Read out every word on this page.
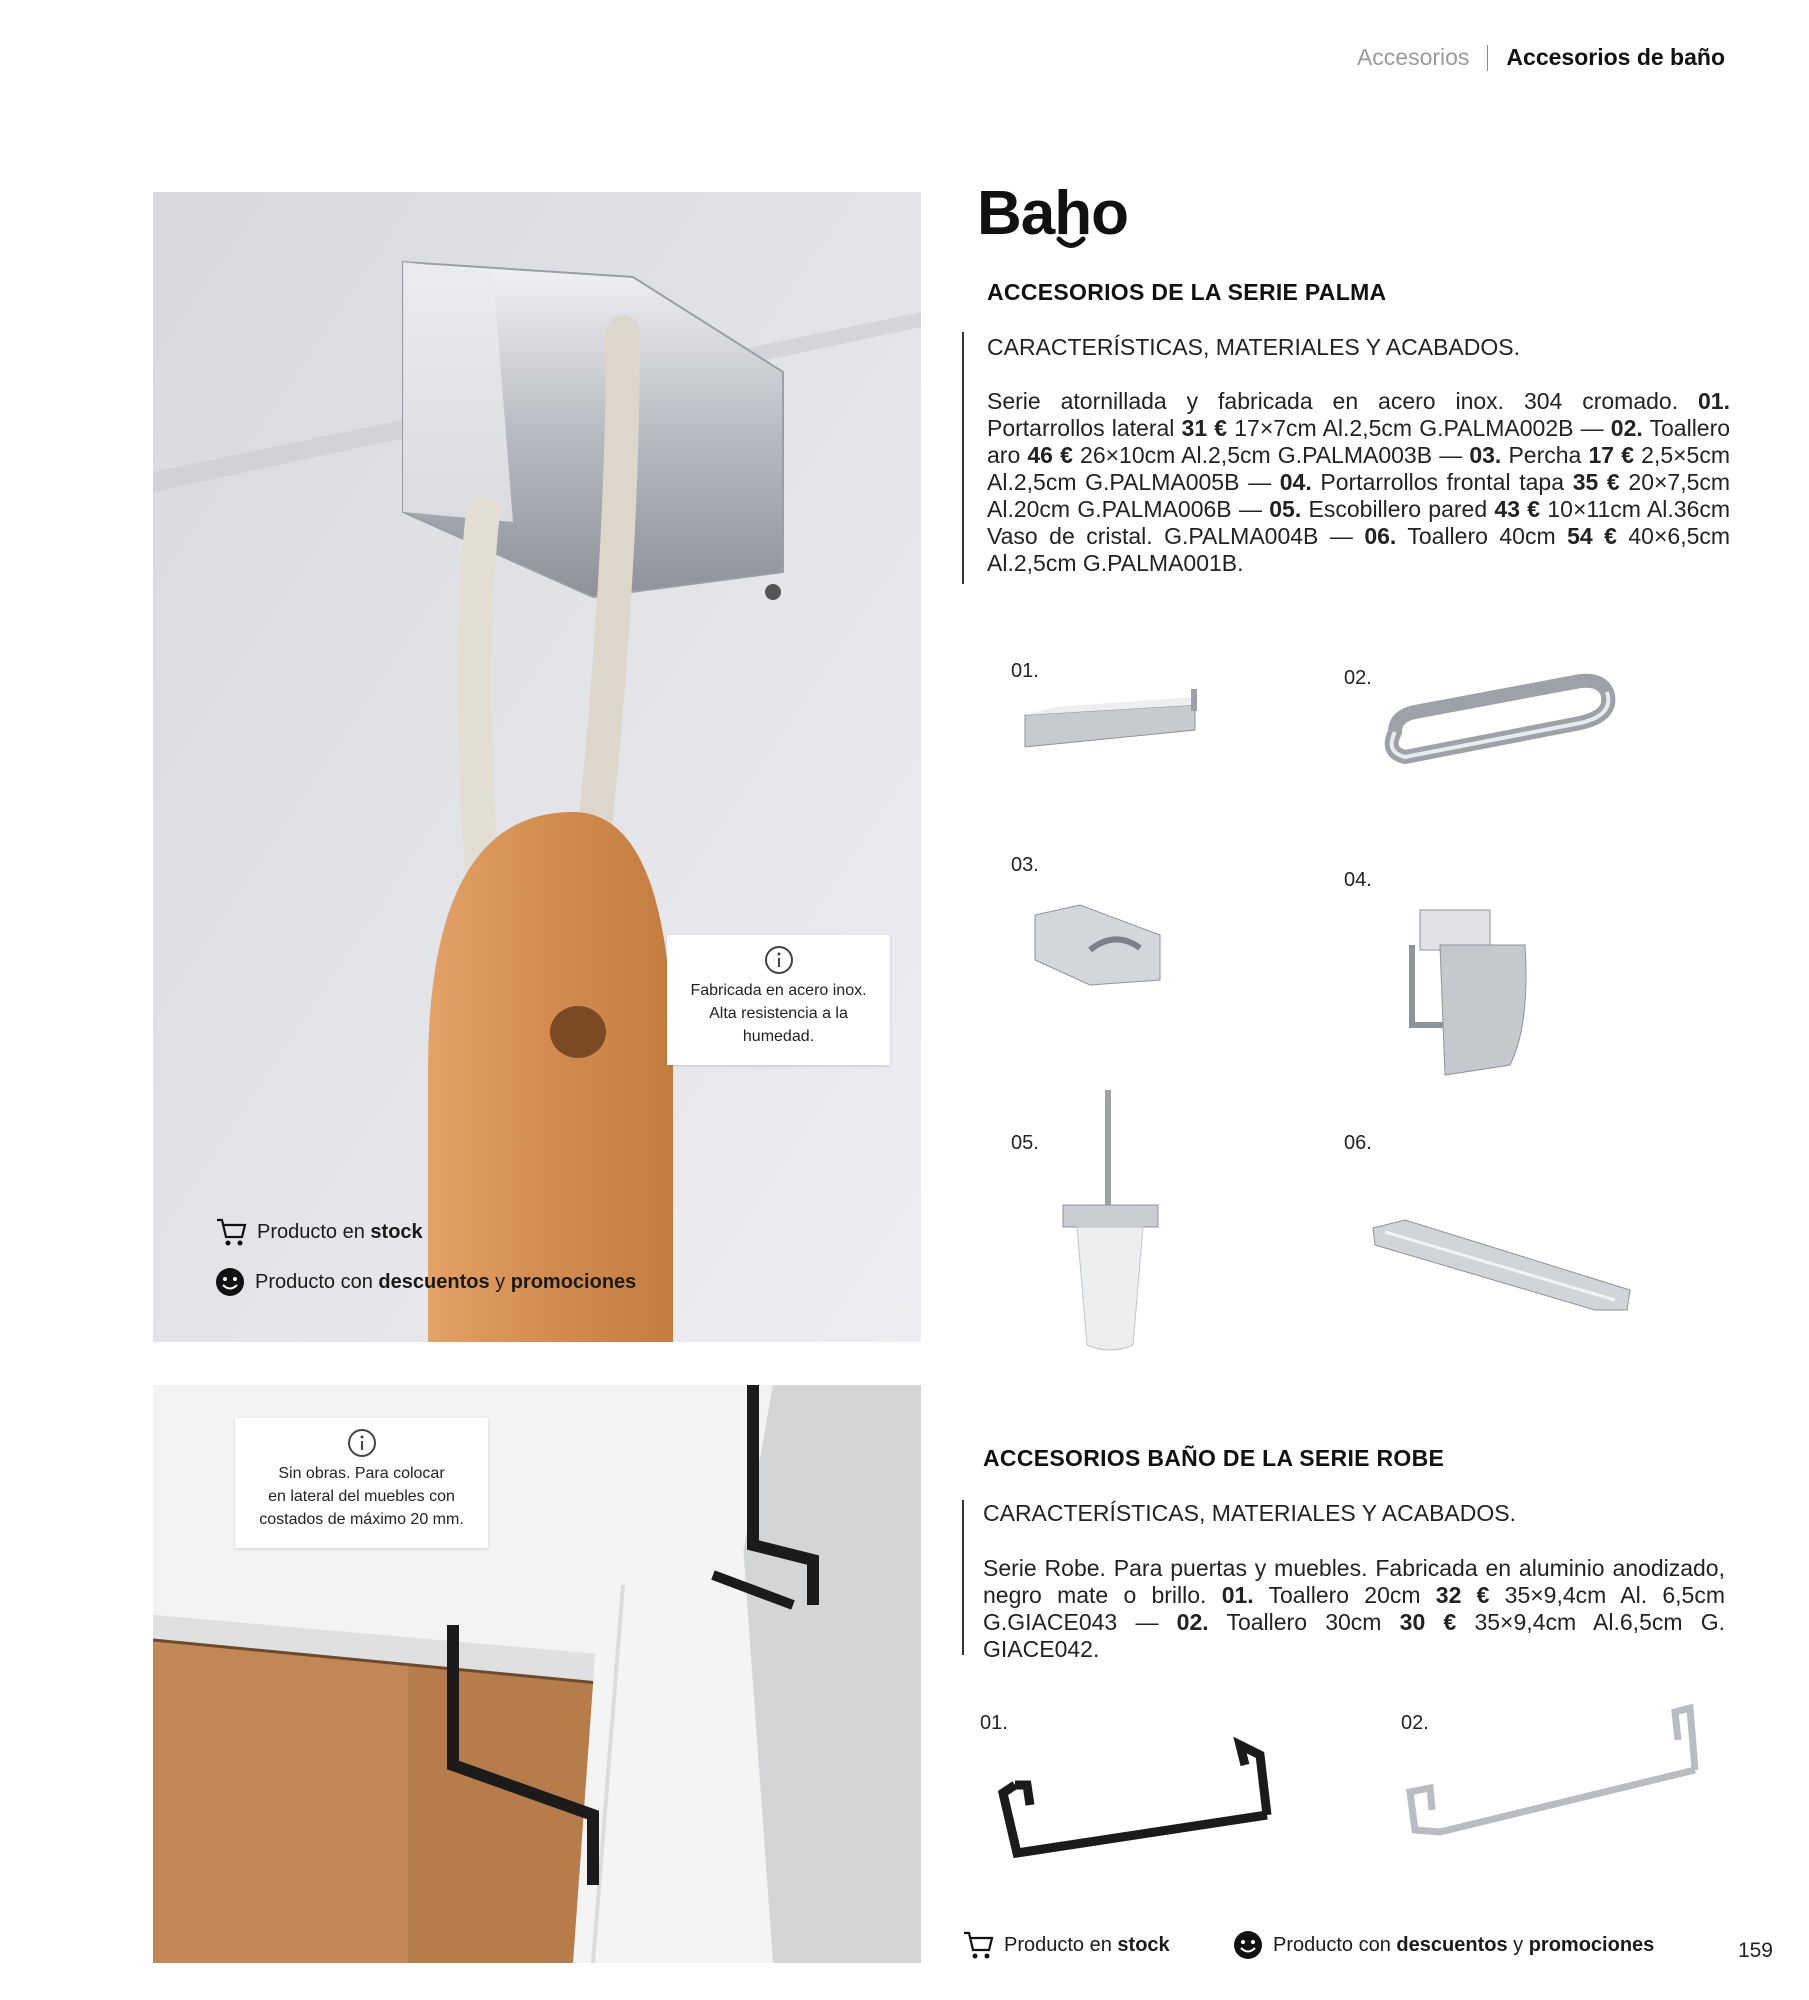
Accesorios Accesorios de baño
Fabricada en acero inox.
Alta resistencia a la
humedad.
Producto en stock
Producto con descuentos y promociones
Sin obras. Para colocar
en lateral del muebles con
costados de máximo 20 mm.
Baho
ACCESORIOS DE LA SERIE PALMA
CARACTERÍSTICAS, MATERIALES Y ACABADOS.
Serie atornillada y fabricada en acero inox. 304 cromado. 01. Portarrollos lateral 31 € 17×7cm Al.2,5cm G.PALMA002B — 02. Toallero aro 46 € 26×10cm Al.2,5cm G.PALMA003B — 03. Percha 17 € 2,5×5cm Al.2,5cm G.PALMA005B — 04. Portarrollos frontal tapa 35 € 20×7,5cm Al.20cm G.PALMA006B — 05. Escobillero pared 43 € 10×11cm Al.36cm Vaso de cristal. G.PALMA004B — 06. Toallero 40cm 54 € 40×6,5cm Al.2,5cm G.PALMA001B.
01.	02.
03.
04.
05.	06.
ACCESORIOS BAÑO DE LA SERIE ROBE
CARACTERÍSTICAS, MATERIALES Y ACABADOS.
Serie Robe. Para puertas y muebles. Fabricada en aluminio anodizado, negro mate o brillo. 01. Toallero 20cm 32 € 35×9,4cm Al. 6,5cm G.GIACE043 — 02. Toallero 30cm 30 € 35×9,4cm Al.6,5cm G. GIACE042.
01.	02.
Producto en stock	Producto con descuentos y promociones	159
